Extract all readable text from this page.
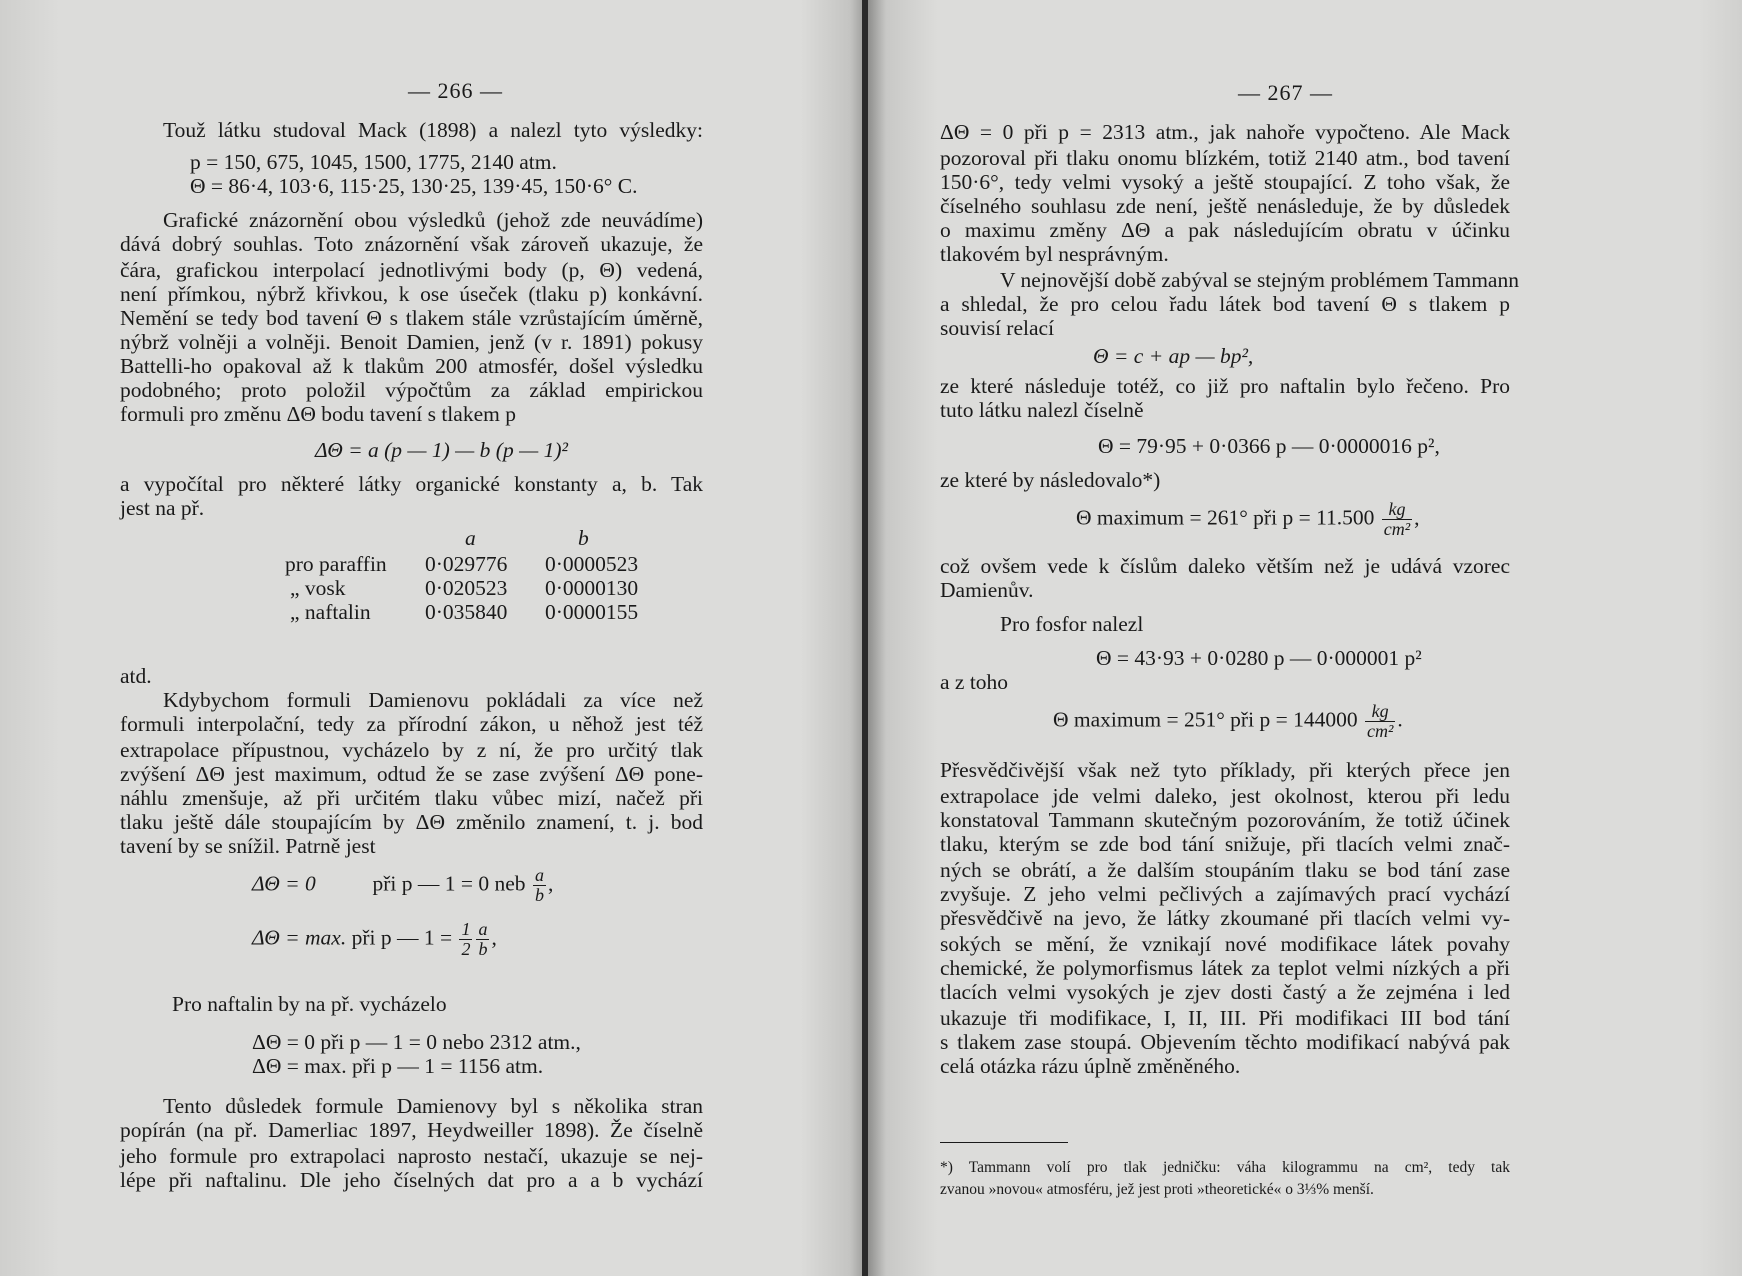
— 266 —
Touž látku studoval Mack (1898) a nalezl tyto výsledky:
p = 150, 675, 1045, 1500, 1775, 2140 atm.
Θ = 86·4, 103·6, 115·25, 130·25, 139·45, 150·6° C.
Grafické znázornění obou výsledků (jehož zde neuvádíme)
dává dobrý souhlas. Toto znázornění však zároveň ukazuje, že
čára, grafickou interpolací jednotlivými body (p, Θ) vedená,
není přímkou, nýbrž křivkou, k ose úseček (tlaku p) konkávní.
Nemění se tedy bod tavení Θ s tlakem stále vzrůstajícím úměrně,
nýbrž volněji a volněji. Benoit Damien, jenž (v r. 1891) pokusy
Battelli-ho opakoval až k tlakům 200 atmosfér, došel výsledku
podobného; proto položil výpočtům za základ empirickou
formuli pro změnu ΔΘ bodu tavení s tlakem p
ΔΘ = a (p — 1) — b (p — 1)²
a vypočítal pro některé látky organické konstanty a, b. Tak
jest na př.
a	b
pro paraffin 0·029776 0·0000523
„ vosk	0·020523 0·0000130
„ naftalin	0·035840 0·0000155
atd.
Kdybychom formuli Damienovu pokládali za více než
formuli interpolační, tedy za přírodní zákon, u něhož jest též
extrapolace přípustnou, vycházelo by z ní, že pro určitý tlak
zvýšení ΔΘ jest maximum, odtud že se zase zvýšení ΔΘ pone-
náhlu zmenšuje, až při určitém tlaku vůbec mizí, načež při
tlaku ještě dále stoupajícím by ΔΘ změnilo znamení, t. j. bod
tavení by se snížil. Patrně jest
ΔΘ = 0	při p — 1 = 0 neb $\frac{a}{b}$ ,
ΔΘ = max. při p — $1 = \frac{1}{2} \frac{a}{b}$ ,
Pro naftalin by na př. vycházelo
ΔΘ = 0 při p — 1 = 0 nebo 2312 atm.,
ΔΘ = max. při p — 1 = 1156 atm.
Tento důsledek formule Damienovy byl s několika stran
popírán (na př. Damerliac 1897, Heydweiller 1898). Že číselně
jeho formule pro extrapolaci naprosto nestačí, ukazuje se nej-
lépe při naftalinu. Dle jeho číselných dat pro a a b vychází
— 267 —
ΔΘ = 0 při p = 2313 atm., jak nahoře vypočteno. Ale Mack
pozoroval při tlaku onomu blízkém, totiž 2140 atm., bod tavení
150·6°, tedy velmi vysoký a ještě stoupající. Z toho však, že
číselného souhlasu zde není, ještě nenásleduje, že by důsledek
o maximu změny ΔΘ a pak následujícím obratu v účinku
tlakovém byl nesprávným.
V nejnovější době zabýval se stejným problémem Tammann
a shledal, že pro celou řadu látek bod tavení Θ s tlakem p
souvisí relací
Θ = c + ap — bp²,
ze které následuje totéž, co již pro naftalin bylo řečeno. Pro
tuto látku nalezl číselně
Θ = 79·95 + 0·0366 p — 0·0000016 p²,
ze které by následovalo*)
Θ maximum = 261° při $p = 11.500 \frac{kg}{\text{cm²}}$ ,
což ovšem vede k číslům daleko větším než je udává vzorec
Damienův.
Pro fosfor nalezl
Θ = 43·93 + 0·0280 p — 0·000001 p²
a z toho
Θ maximum = 251° při $p = 144000 \frac{kg}{\text{cm²}}$ .
Přesvědčivější však než tyto příklady, při kterých přece jen
extrapolace jde velmi daleko, jest okolnost, kterou při ledu
konstatoval Tammann skutečným pozorováním, že totiž účinek
tlaku, kterým se zde bod tání snižuje, při tlacích velmi znač-
ných se obrátí, a že dalším stoupáním tlaku se bod tání zase
zvyšuje. Z jeho velmi pečlivých a zajímavých prací vychází
přesvědčivě na jevo, že látky zkoumané při tlacích velmi vy-
sokých se mění, že vznikají nové modifikace látek povahy
chemické, že polymorfismus látek za teplot velmi nízkých a při
tlacích velmi vysokých je zjev dosti častý a že zejména i led
ukazuje tři modifikace, I, II, III. Při modifikaci III bod tání
s tlakem zase stoupá. Objevením těchto modifikací nabývá pak
celá otázka rázu úplně změněného.
*) Tammann volí pro tlak jedničku: váha kilogrammu na cm², tedy tak
zvanou »novou« atmosféru, jež jest proti »theoretické« o 3⅓% menší.
